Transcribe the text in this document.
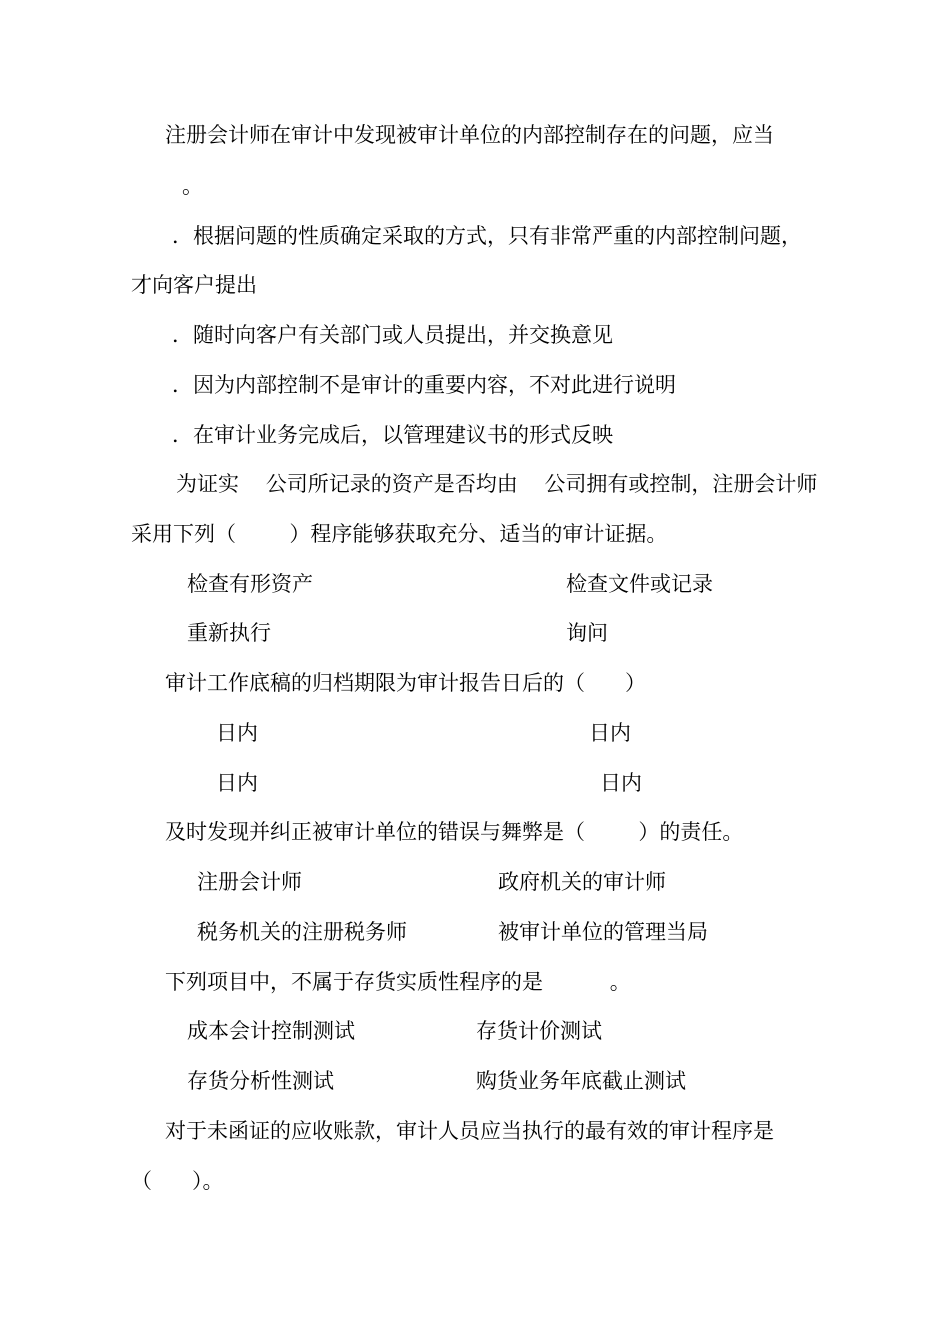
注册会计师在审计中发现被审计单位的内部控制存在的问题，应当
。
．根据问题的性质确定采取的方式，只有非常严重的内部控制问题，
才向客户提出
．随时向客户有关部门或人员提出，并交换意见
．因为内部控制不是审计的重要内容，不对此进行说明
．在审计业务完成后，以管理建议书的形式反映
为证实    公司所记录的资产是否均由    公司拥有或控制，注册会计师
采用下列（        ）程序能够获取充分、适当的审计证据。
检查有形资产	检查文件或记录
重新执行	询问
审计工作底稿的归档期限为审计报告日后的（      ）
日内	日内
日内	日内
及时发现并纠正被审计单位的错误与舞弊是（        ）的责任。
注册会计师	政府机关的审计师
税务机关的注册税务师	被审计单位的管理当局
下列项目中，不属于存货实质性程序的是          。
成本会计控制测试	存货计价测试
存货分析性测试	购货业务年底截止测试
对于未函证的应收账款，审计人员应当执行的最有效的审计程序是
（      ）。
